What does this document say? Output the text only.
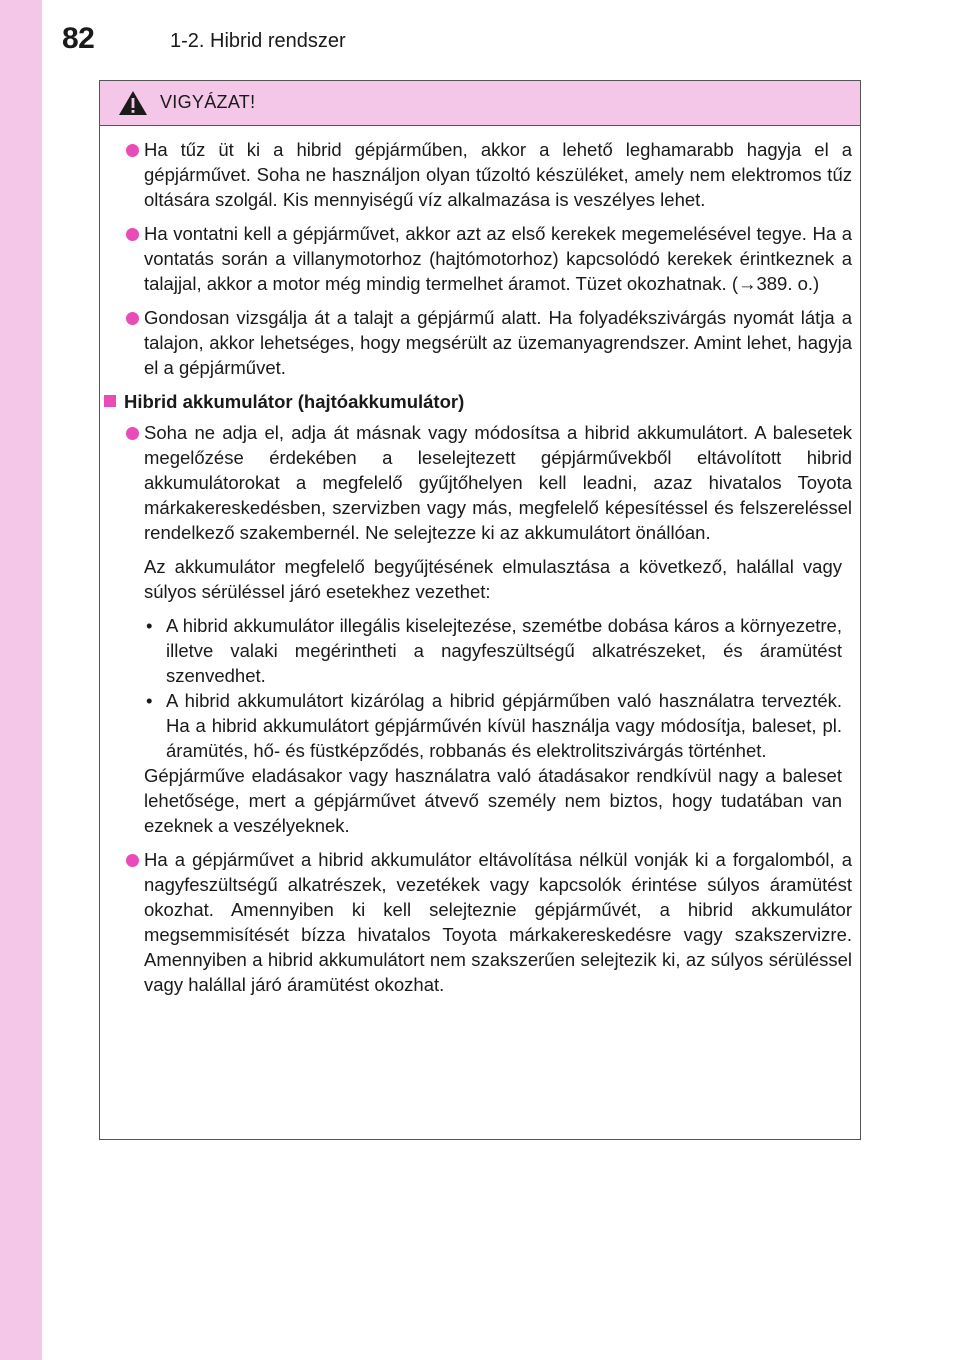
82	1-2. Hibrid rendszer
VIGYÁZAT!
Ha tűz üt ki a hibrid gépjárműben, akkor a lehető leghamarabb hagyja el a gépjárművet. Soha ne használjon olyan tűzoltó készüléket, amely nem elektromos tűz oltására szolgál. Kis mennyiségű víz alkalmazása is veszélyes lehet.
Ha vontatni kell a gépjárművet, akkor azt az első kerekek megemelésével tegye. Ha a vontatás során a villanymotorhoz (hajtómotorhoz) kapcsolódó kerekek érintkeznek a talajjal, akkor a motor még mindig termelhet áramot. Tüzet okozhatnak. (→389. o.)
Gondosan vizsgálja át a talajt a gépjármű alatt. Ha folyadékszivárgás nyomát látja a talajon, akkor lehetséges, hogy megsérült az üzemanyagrendszer. Amint lehet, hagyja el a gépjárművet.
Hibrid akkumulátor (hajtóakkumulátor)
Soha ne adja el, adja át másnak vagy módosítsa a hibrid akkumulátort. A balesetek megelőzése érdekében a leselejtezett gépjárművekből eltávolított hibrid akkumulátorokat a megfelelő gyűjtőhelyen kell leadni, azaz hivatalos Toyota márkakereskedésben, szervizben vagy más, megfelelő képesítéssel és felszereléssel rendelkező szakembernél. Ne selejtezze ki az akkumulátort önállóan.
Az akkumulátor megfelelő begyűjtésének elmulasztása a következő, halállal vagy súlyos sérüléssel járó esetekhez vezethet:
• A hibrid akkumulátor illegális kiselejtezése, szemétbe dobása káros a környezetre, illetve valaki megérintheti a nagyfeszültségű alkatrészeket, és áramütést szenvedhet.
• A hibrid akkumulátort kizárólag a hibrid gépjárműben való használatra tervezték. Ha a hibrid akkumulátort gépjárművén kívül használja vagy módosítja, baleset, pl. áramütés, hő- és füstképződés, robbanás és elektrolitszivárgás történhet.
Gépjárműve eladásakor vagy használatra való átadásakor rendkívül nagy a baleset lehetősége, mert a gépjárművet átvevő személy nem biztos, hogy tudatában van ezeknek a veszélyeknek.
Ha a gépjárművet a hibrid akkumulátor eltávolítása nélkül vonják ki a forgalomból, a nagyfeszültségű alkatrészek, vezetékek vagy kapcsolók érintése súlyos áramütést okozhat. Amennyiben ki kell selejteznie gépjárművét, a hibrid akkumulátor megsemmisítését bízza hivatalos Toyota márkakereskedésre vagy szakszervizre. Amennyiben a hibrid akkumulátort nem szakszerűen selejtezik ki, az súlyos sérüléssel vagy halállal járó áramütést okozhat.
